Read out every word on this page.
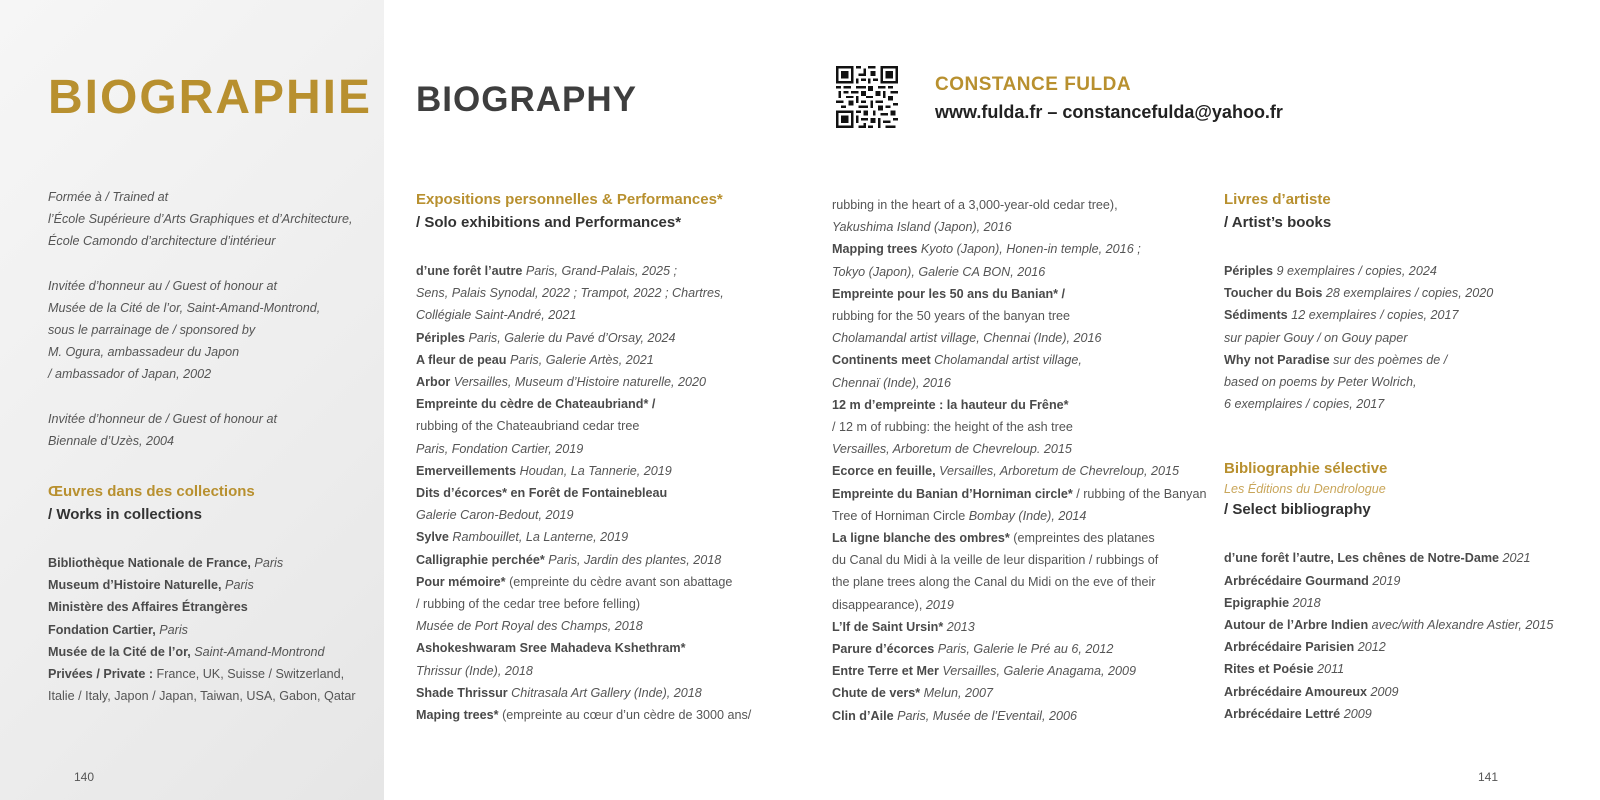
BIOGRAPHIE BIOGRAPHY	CONSTANCE FULDA
www.fulda.fr – constancefulda@yahoo.fr
Formée à / Trained at
l’École Supérieure d’Arts Graphiques et d’Architecture,
École Camondo d’architecture d’intérieur
Invitée d’honneur au / Guest of honour at
Musée de la Cité de l’or, Saint-Amand-Montrond,
sous le parrainage de / sponsored by
M. Ogura, ambassadeur du Japon
/ ambassador of Japan, 2002
Invitée d’honneur de / Guest of honour at
Biennale d’Uzès, 2004
Œuvres dans des collections
/ Works in collections
Bibliothèque Nationale de France, Paris
Museum d’Histoire Naturelle, Paris
Ministère des Affaires Étrangères
Fondation Cartier, Paris
Musée de la Cité de l’or, Saint-Amand-Montrond
Privées / Private : France, UK, Suisse / Switzerland,
Italie / Italy, Japon / Japan, Taiwan, USA, Gabon, Qatar
Expositions personnelles & Performances*
/ Solo exhibitions and Performances*
d’une forêt l’autre Paris, Grand-Palais, 2025 ;
Sens, Palais Synodal, 2022 ; Trampot, 2022 ; Chartres,
Collégiale Saint-André, 2021
Périples Paris, Galerie du Pavé d’Orsay, 2024
A fleur de peau Paris, Galerie Artès, 2021
Arbor Versailles, Museum d’Histoire naturelle, 2020
Empreinte du cèdre de Chateaubriand* /
rubbing of the Chateaubriand cedar tree
Paris, Fondation Cartier, 2019
Emerveillements Houdan, La Tannerie, 2019
Dits d’écorces* en Forêt de Fontainebleau
Galerie Caron-Bedout, 2019
Sylve Rambouillet, La Lanterne, 2019
Calligraphie perchée* Paris, Jardin des plantes, 2018
Pour mémoire* (empreinte du cèdre avant son abattage
/ rubbing of the cedar tree before felling)
Musée de Port Royal des Champs, 2018
Ashokeshwaram Sree Mahadeva Kshethram*
Thrissur (Inde), 2018
Shade Thrissur Chitrasala Art Gallery (Inde), 2018
Maping trees* (empreinte au cœur d’un cèdre de 3000 ans/
rubbing in the heart of a 3,000-year-old cedar tree),
Yakushima Island (Japon), 2016
Mapping trees Kyoto (Japon), Honen-in temple, 2016 ;
Tokyo (Japon), Galerie CA BON, 2016
Empreinte pour les 50 ans du Banian* /
rubbing for the 50 years of the banyan tree
Cholamandal artist village, Chennai (Inde), 2016
Continents meet Cholamandal artist village,
Chennaï (Inde), 2016
12 m d’empreinte : la hauteur du Frêne*
/ 12 m of rubbing: the height of the ash tree
Versailles, Arboretum de Chevreloup. 2015
Ecorce en feuille, Versailles, Arboretum de Chevreloup, 2015
Empreinte du Banian d’Horniman circle* / rubbing of the Banyan
Tree of Horniman Circle Bombay (Inde), 2014
La ligne blanche des ombres* (empreintes des platanes
du Canal du Midi à la veille de leur disparition / rubbings of
the plane trees along the Canal du Midi on the eve of their
disappearance), 2019
L’If de Saint Ursin* 2013
Parure d’écorces Paris, Galerie le Pré au 6, 2012
Entre Terre et Mer Versailles, Galerie Anagama, 2009
Chute de vers* Melun, 2007
Clin d’Aile Paris, Musée de l’Eventail, 2006
Livres d’artiste
/ Artist’s books
Périples 9 exemplaires / copies, 2024
Toucher du Bois 28 exemplaires / copies, 2020
Sédiments 12 exemplaires / copies, 2017
sur papier Gouy / on Gouy paper
Why not Paradise sur des poèmes de /
based on poems by Peter Wolrich,
6 exemplaires / copies, 2017
Bibliographie sélective
Les Éditions du Dendrologue
/ Select bibliography
d’une forêt l’autre, Les chênes de Notre-Dame 2021
Arbrécédaire Gourmand 2019
Epigraphie 2018
Autour de l’Arbre Indien avec/with Alexandre Astier, 2015
Arbrécédaire Parisien 2012
Rites et Poésie 2011
Arbrécédaire Amoureux 2009
Arbrécédaire Lettré 2009
140	141
